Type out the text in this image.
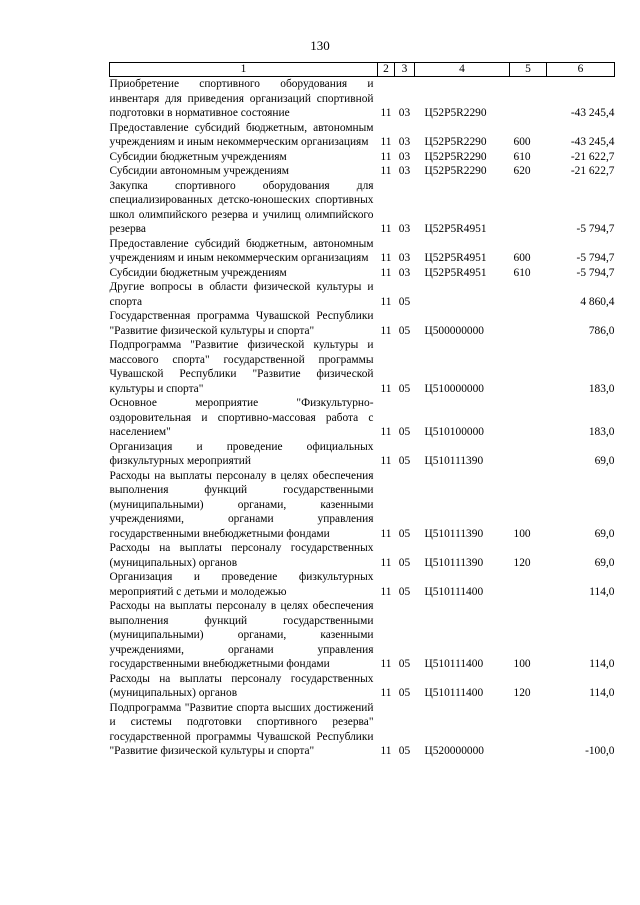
130
1	2	3	4	5	6
Приобретение спортивного оборудования и инвентаря для приведения организаций спортивной подготовки в нормативное состояние	11	03	Ц52P5R2290		-43 245,4
Предоставление субсидий бюджетным, автономным учреждениям и иным некоммерческим организациям	11	03	Ц52P5R2290	600	-43 245,4
Субсидии бюджетным учреждениям	11	03	Ц52P5R2290	610	-21 622,7
Субсидии автономным учреждениям	11	03	Ц52P5R2290	620	-21 622,7
Закупка спортивного оборудования для специализированных детско-юношеских спортивных школ олимпийского резерва и училищ олимпийского резерва	11	03	Ц52P5R4951		-5 794,7
Предоставление субсидий бюджетным, автономным учреждениям и иным некоммерческим организациям	11	03	Ц52P5R4951	600	-5 794,7
Субсидии бюджетным учреждениям	11	03	Ц52P5R4951	610	-5 794,7
Другие вопросы в области физической культуры и спорта	11	05			4 860,4
Государственная программа Чувашской Республики "Развитие физической культуры и спорта"	11	05	Ц500000000		786,0
Подпрограмма "Развитие физической культуры и массового спорта" государственной программы Чувашской Республики "Развитие физической культуры и спорта"	11	05	Ц510000000		183,0
Основное мероприятие "Физкультурно-оздоровительная и спортивно-массовая работа с населением"	11	05	Ц510100000		183,0
Организация и проведение официальных физкультурных мероприятий	11	05	Ц510111390		69,0
Расходы на выплаты персоналу в целях обеспечения выполнения функций государственными (муниципальными) органами, казенными учреждениями, органами управления государственными внебюджетными фондами	11	05	Ц510111390	100	69,0
Расходы на выплаты персоналу государственных (муниципальных) органов	11	05	Ц510111390	120	69,0
Организация и проведение физкультурных мероприятий с детьми и молодежью	11	05	Ц510111400		114,0
Расходы на выплаты персоналу в целях обеспечения выполнения функций государственными (муниципальными) органами, казенными учреждениями, органами управления государственными внебюджетными фондами	11	05	Ц510111400	100	114,0
Расходы на выплаты персоналу государственных (муниципальных) органов	11	05	Ц510111400	120	114,0
Подпрограмма "Развитие спорта высших достижений и системы подготовки спортивного резерва" государственной программы Чувашской Республики "Развитие физической культуры и спорта"	11	05	Ц520000000		-100,0
